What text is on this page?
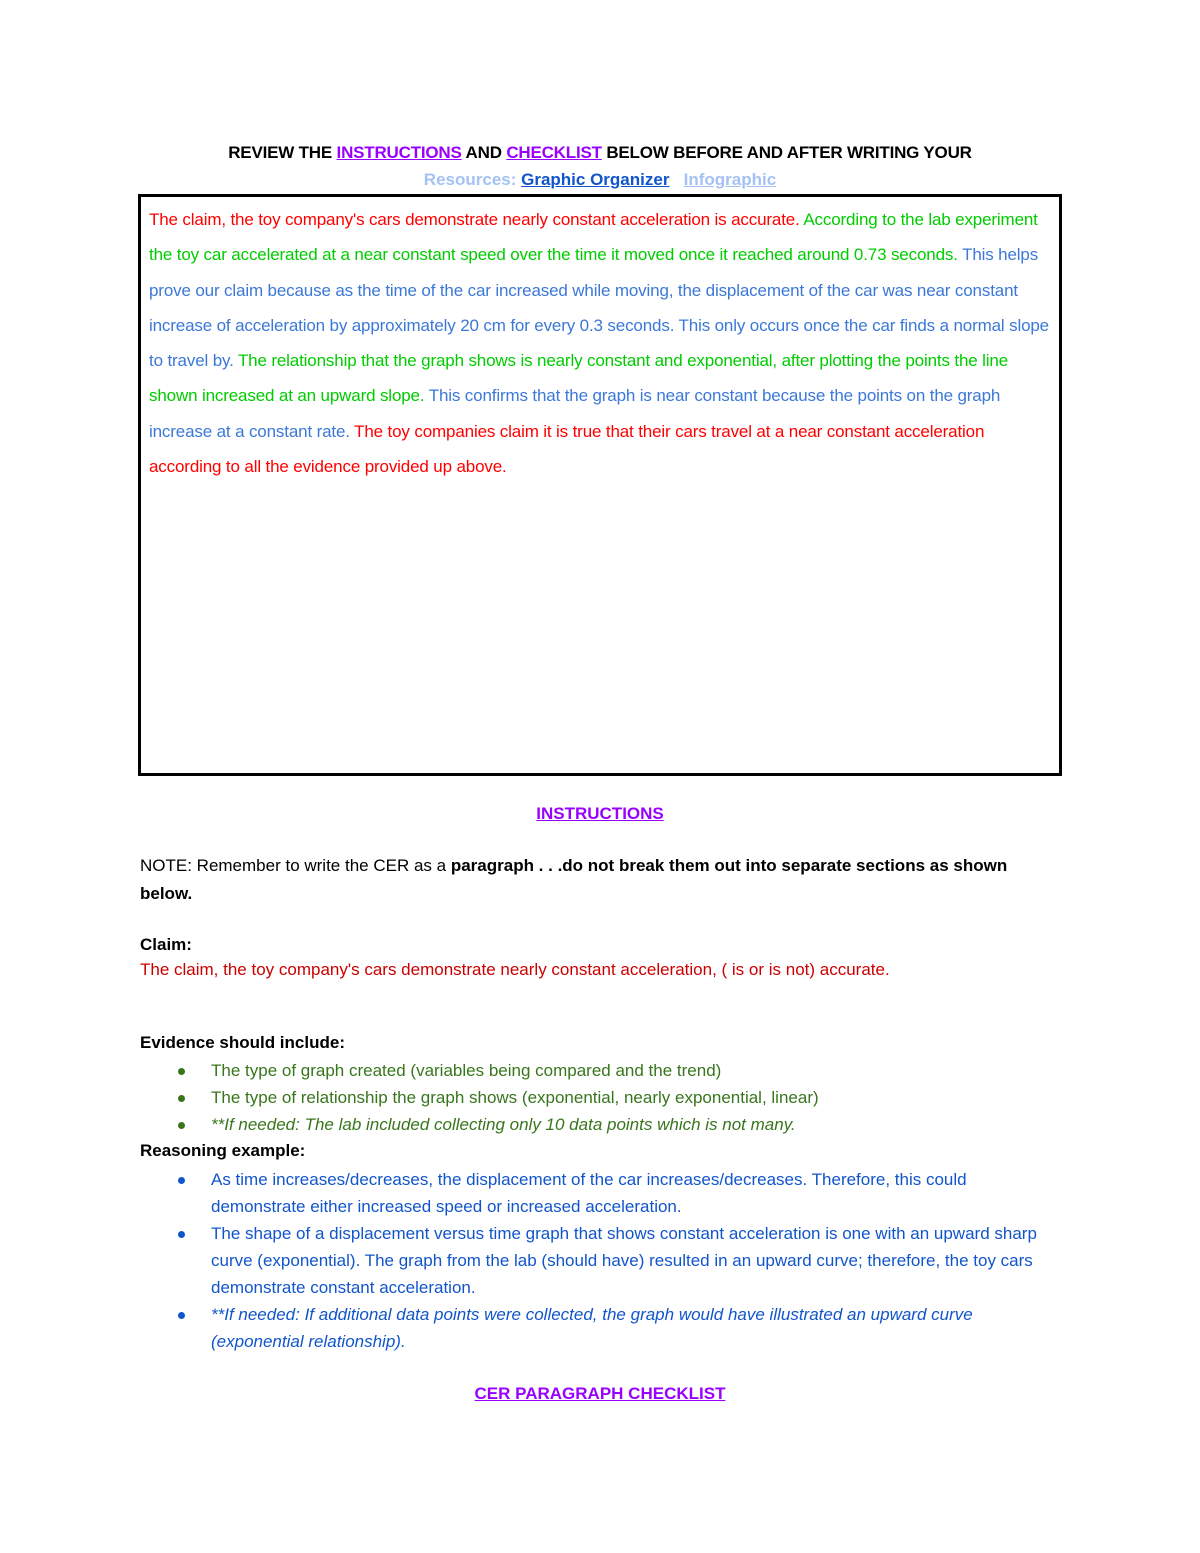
REVIEW THE INSTRUCTIONS AND CHECKLIST BELOW BEFORE AND AFTER WRITING YOUR
Resources: Graphic Organizer Infographic
The claim, the toy company's cars demonstrate nearly constant acceleration is accurate. According to the lab experiment the toy car accelerated at a near constant speed over the time it moved once it reached around 0.73 seconds. This helps prove our claim because as the time of the car increased while moving, the displacement of the car was near constant increase of acceleration by approximately 20 cm for every 0.3 seconds. This only occurs once the car finds a normal slope to travel by. The relationship that the graph shows is nearly constant and exponential, after plotting the points the line shown increased at an upward slope. This confirms that the graph is near constant because the points on the graph increase at a constant rate. The toy companies claim it is true that their cars travel at a near constant acceleration according to all the evidence provided up above.
INSTRUCTIONS
NOTE: Remember to write the CER as a paragraph . . .do not break them out into separate sections as shown below.
Claim:
The claim, the toy company's cars demonstrate nearly constant acceleration, ( is or is not) accurate.
Evidence should include:
The type of graph created (variables being compared and the trend)
The type of relationship the graph shows (exponential, nearly exponential, linear)
**If needed: The lab included collecting only 10 data points which is not many.
Reasoning example:
As time increases/decreases, the displacement of the car increases/decreases. Therefore, this could demonstrate either increased speed or increased acceleration.
The shape of a displacement versus time graph that shows constant acceleration is one with an upward sharp curve (exponential). The graph from the lab (should have) resulted in an upward curve; therefore, the toy cars demonstrate constant acceleration.
**If needed: If additional data points were collected, the graph would have illustrated an upward curve (exponential relationship).
CER PARAGRAPH CHECKLIST
